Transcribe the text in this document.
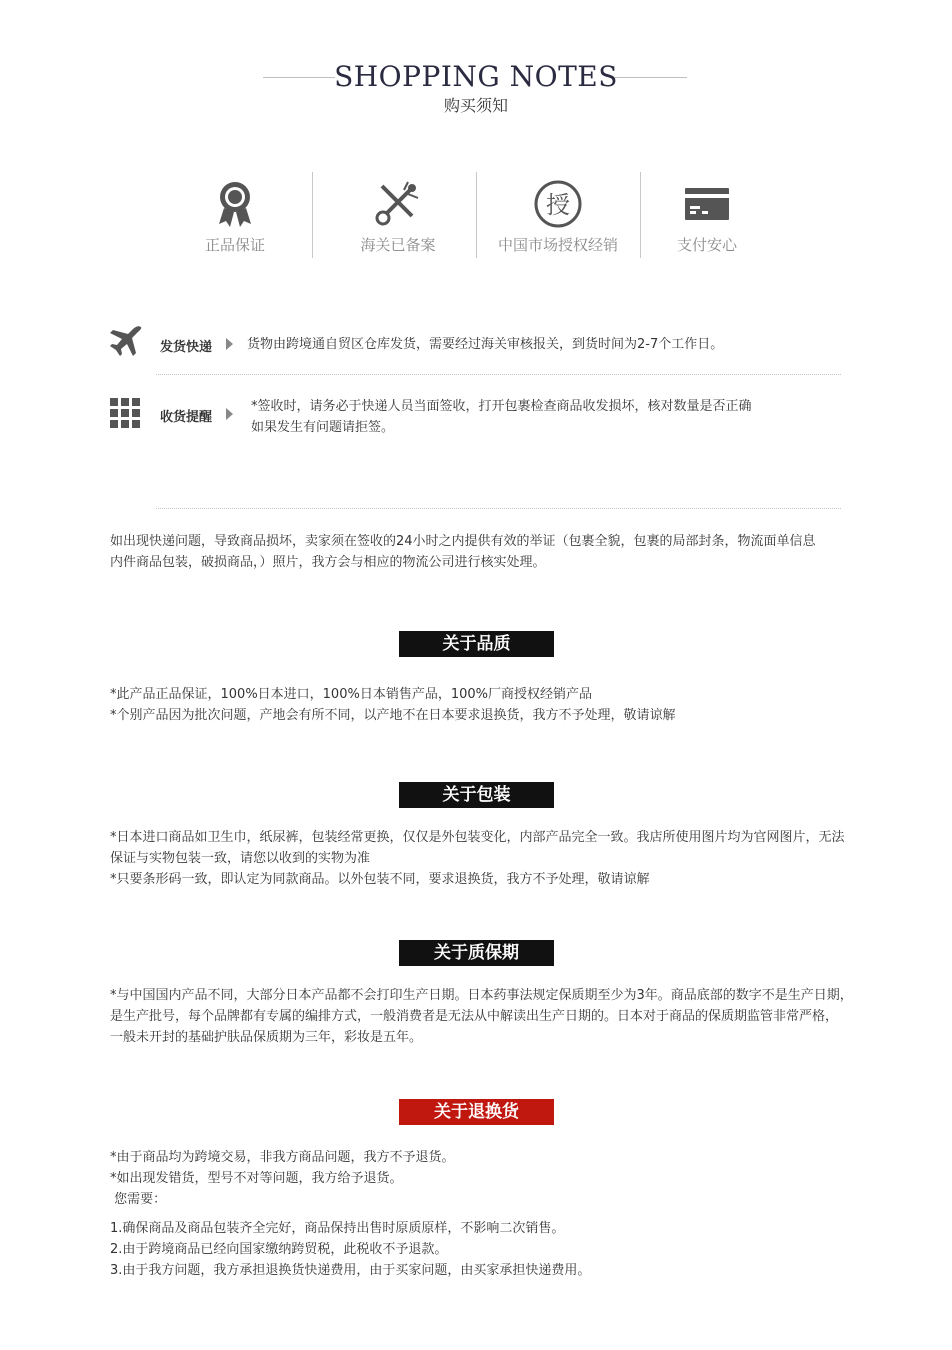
SHOPPING NOTES
购买须知
正品保证	海关已备案
授
中国市场授权经销	支付安心
发货快递	货物由跨境通自贸区仓库发货，需要经过海关审核报关，到货时间为2-7个工作日。
收货提醒
*签收时，请务必于快递人员当面签收，打开包裹检查商品收发损坏，核对数量是否正确
如果发生有问题请拒签。
如出现快递问题，导致商品损坏，卖家须在签收的24小时之内提供有效的举证（包裹全貌，包裹的局部封条，物流面单信息
内件商品包装，破损商品，）照片，我方会与相应的物流公司进行核实处理。
关于品质
*此产品正品保证，100%日本进口，100%日本销售产品，100%厂商授权经销产品
*个别产品因为批次问题，产地会有所不同，以产地不在日本要求退换货，我方不予处理，敬请谅解
关于包装
*日本进口商品如卫生巾，纸尿裤，包装经常更换，仅仅是外包装变化，内部产品完全一致。我店所使用图片均为官网图片，无法
保证与实物包装一致，请您以收到的实物为准
*只要条形码一致，即认定为同款商品。以外包装不同，要求退换货，我方不予处理，敬请谅解
关于质保期
*与中国国内产品不同，大部分日本产品都不会打印生产日期。日本药事法规定保质期至少为3年。商品底部的数字不是生产日期，
是生产批号，每个品牌都有专属的编排方式，一般消费者是无法从中解读出生产日期的。日本对于商品的保质期监管非常严格，
一般未开封的基础护肤品保质期为三年，彩妆是五年。
关于退换货
*由于商品均为跨境交易，非我方商品问题，我方不予退货。
*如出现发错货，型号不对等问题，我方给予退货。
您需要：
1.确保商品及商品包装齐全完好，商品保持出售时原质原样，不影响二次销售。
2.由于跨境商品已经向国家缴纳跨贸税，此税收不予退款。
3.由于我方问题，我方承担退换货快递费用，由于买家问题，由买家承担快递费用。
